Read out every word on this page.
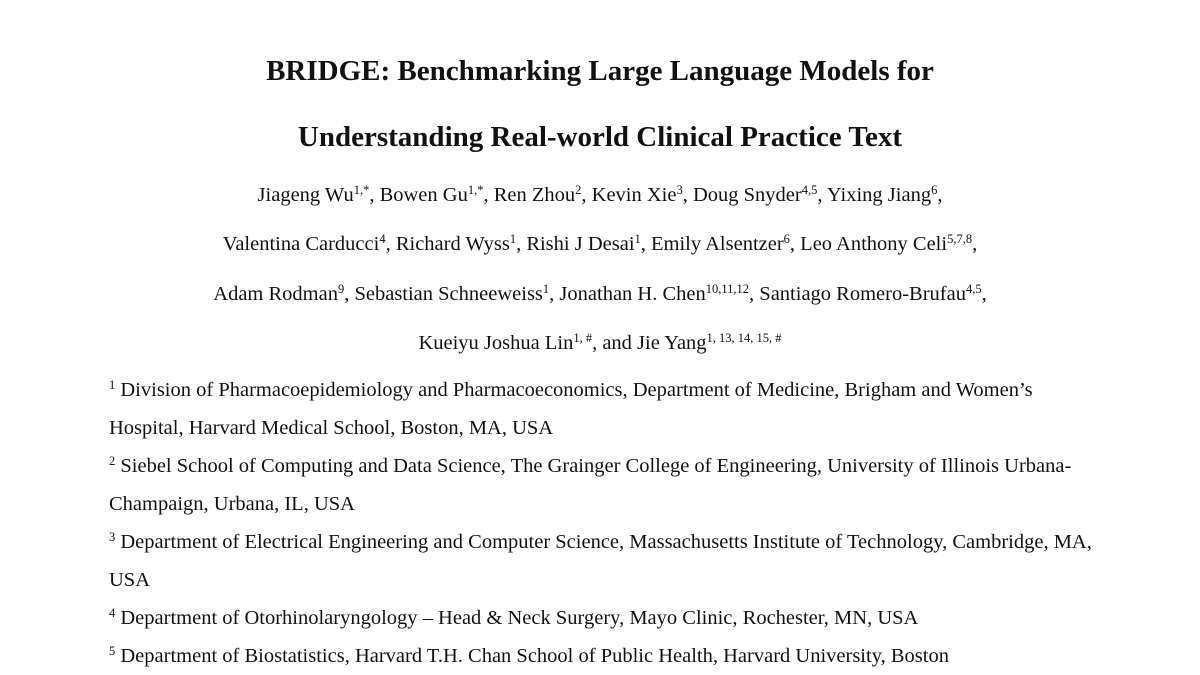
BRIDGE: Benchmarking Large Language Models for
Understanding Real-world Clinical Practice Text
Jiageng $Wu^{1,*}$, Bowen $Gu^{1,*}$, Ren Zhou$^2$, Kevin Xie$^3$, Doug Snyder$^{4,5}$, Yixing Jiang$^6$,
Valentina Carducci$^4$, Richard Wyss$^1$, Rishi J Desai$^1$, Emily Alsentzer$^6$, Leo Anthony Celi$^{5,7,8}$,
Adam Rodman$^9$, Sebastian Schneeweiss$^1$, Jonathan H. Chen$^{10,11,12}$, Santiago Romero-Brufau$^{4,5}$,
Kueiyu Joshua Lin$^{1, \#}$, and Jie Yang$^{1, 13, 14, 15, \#}$

$^1$ Division of Pharmacoepidemiology and Pharmacoeconomics, Department of Medicine, Brigham and Women’s Hospital, Harvard Medical School, Boston, MA, USA

$^2$ Siebel School of Computing and Data Science, The Grainger College of Engineering, University of Illinois Urbana-Champaign, Urbana, IL, USA

$^3$ Department of Electrical Engineering and Computer Science, Massachusetts Institute of Technology, Cambridge, MA, USA

$^4$ Department of Otorhinolaryngology – Head & Neck Surgery, Mayo Clinic, Rochester, MN, USA

$^5$ Department of Biostatistics, Harvard T.H. Chan School of Public Health, Harvard University, Boston
